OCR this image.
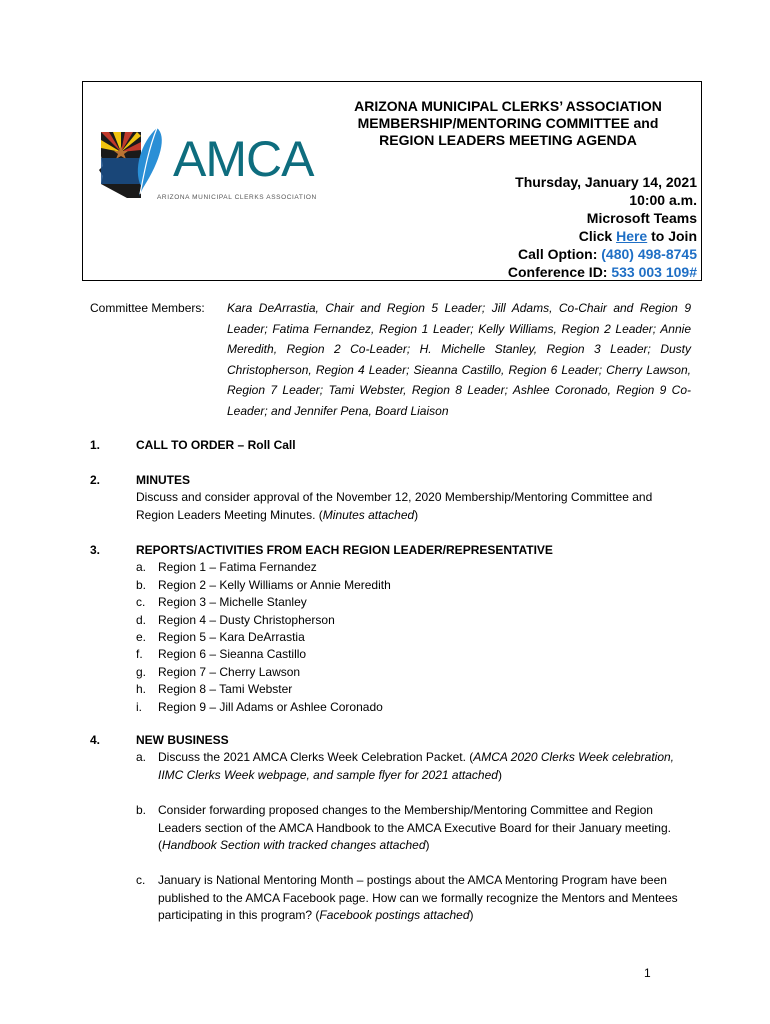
AMCA
ARIZONA MUNICIPAL CLERKS ASSOCIATION
ARIZONA MUNICIPAL CLERKS’ ASSOCIATION
MEMBERSHIP/MENTORING COMMITTEE and
REGION LEADERS MEETING AGENDA
Thursday, January 14, 2021
10:00 a.m.
Microsoft Teams
Click Here to Join
Call Option: (480) 498-8745
Conference ID: 533 003 109#
Committee Members: Kara DeArrastia, Chair and Region 5 Leader; Jill Adams, Co-Chair and Region 9 Leader; Fatima Fernandez, Region 1 Leader; Kelly Williams, Region 2 Leader; Annie Meredith, Region 2 Co-Leader; H. Michelle Stanley, Region 3 Leader; Dusty Christopherson, Region 4 Leader; Sieanna Castillo, Region 6 Leader; Cherry Lawson, Region 7 Leader; Tami Webster, Region 8 Leader; Ashlee Coronado, Region 9 Co-Leader; and Jennifer Pena, Board Liaison
1.	CALL TO ORDER – Roll Call
2.	MINUTES
Discuss and consider approval of the November 12, 2020 Membership/Mentoring Committee and Region Leaders Meeting Minutes. (Minutes attached)
3.	REPORTS/ACTIVITIES FROM EACH REGION LEADER/REPRESENTATIVE
a. Region 1 – Fatima Fernandez
b. Region 2 – Kelly Williams or Annie Meredith
c. Region 3 – Michelle Stanley
d. Region 4 – Dusty Christopherson
e. Region 5 – Kara DeArrastia
f. Region 6 – Sieanna Castillo
g. Region 7 – Cherry Lawson
h. Region 8 – Tami Webster
i. Region 9 – Jill Adams or Ashlee Coronado
4.	NEW BUSINESS
a. Discuss the 2021 AMCA Clerks Week Celebration Packet. (AMCA 2020 Clerks Week celebration, IIMC Clerks Week webpage, and sample flyer for 2021 attached)
b. Consider forwarding proposed changes to the Membership/Mentoring Committee and Region Leaders section of the AMCA Handbook to the AMCA Executive Board for their January meeting. (Handbook Section with tracked changes attached)
c. January is National Mentoring Month – postings about the AMCA Mentoring Program have been published to the AMCA Facebook page. How can we formally recognize the Mentors and Mentees participating in this program? (Facebook postings attached)
1
